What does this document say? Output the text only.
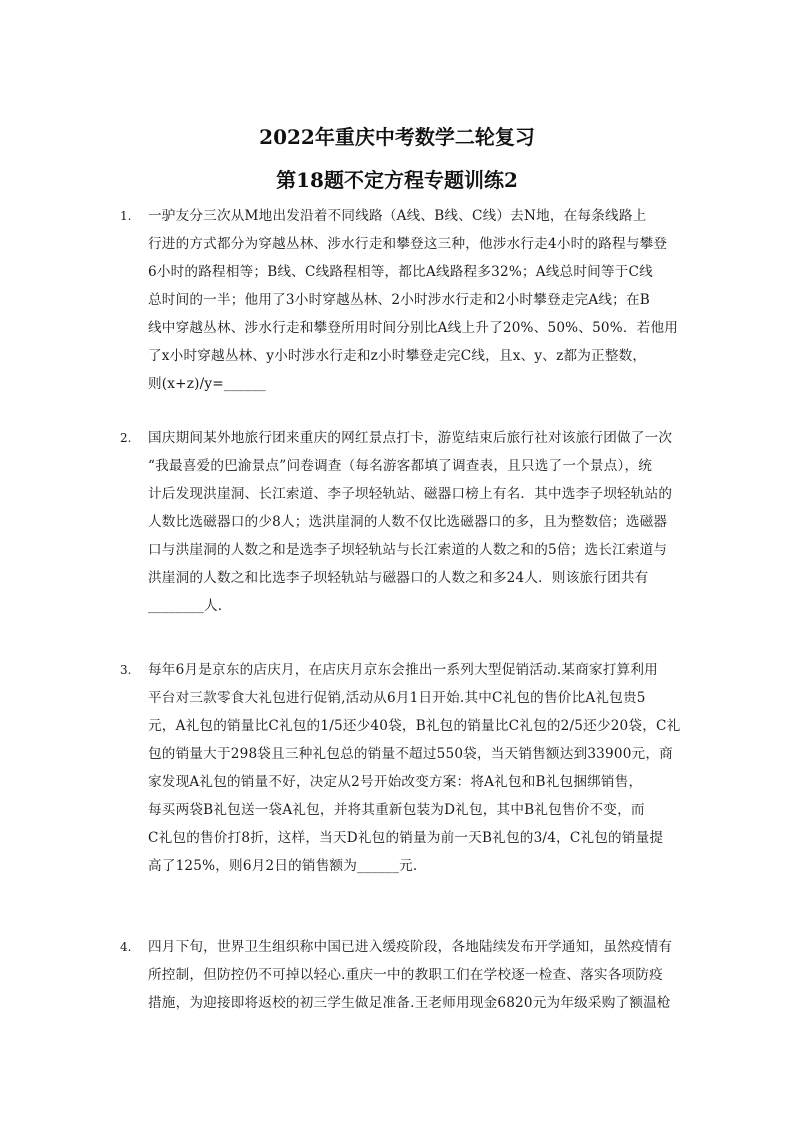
2022年重庆中考数学二轮复习
第18题不定方程专题训练2
1. 一驴友分三次从M地出发沿着不同线路（A线、B线、C线）去N地，在每条线路上
行进的方式都分为穿越丛林、涉水行走和攀登这三种，他涉水行走4小时的路程与攀登
6小时的路程相等；B线、C线路程相等，都比A线路程多32%；A线总时间等于C线
总时间的一半；他用了3小时穿越丛林、2小时涉水行走和2小时攀登走完A线；在B
线中穿越丛林、涉水行走和攀登所用时间分别比A线上升了20%、50%、50%．若他用
了x小时穿越丛林、y小时涉水行走和z小时攀登走完C线，且x、y、z都为正整数，
则(x+z)/y=______
2. 国庆期间某外地旅行团来重庆的网红景点打卡，游览结束后旅行社对该旅行团做了一次
“我最喜爱的巴渝景点”问卷调查（每名游客都填了调查表，且只选了一个景点），统
计后发现洪崖洞、长江索道、李子坝轻轨站、磁器口榜上有名．其中选李子坝轻轨站的
人数比选磁器口的少8人；选洪崖洞的人数不仅比选磁器口的多，且为整数倍；选磁器
口与洪崖洞的人数之和是选李子坝轻轨站与长江索道的人数之和的5倍；选长江索道与
洪崖洞的人数之和比选李子坝轻轨站与磁器口的人数之和多24人．则该旅行团共有
________人．
3. 每年6月是京东的店庆月，在店庆月京东会推出一系列大型促销活动.某商家打算利用
平台对三款零食大礼包进行促销,活动从6月1日开始.其中C礼包的售价比A礼包贵5
元，A礼包的销量比C礼包的1/5还少40袋，B礼包的销量比C礼包的2/5还少20袋，C礼
包的销量大于298袋且三种礼包总的销量不超过550袋，当天销售额达到33900元，商
家发现A礼包的销量不好，决定从2号开始改变方案：将A礼包和B礼包捆绑销售，
每买两袋B礼包送一袋A礼包，并将其重新包装为D礼包，其中B礼包售价不变，而
C礼包的售价打8折，这样，当天D礼包的销量为前一天B礼包的3/4，C礼包的销量提
高了125%，则6月2日的销售额为______元.
4. 四月下旬，世界卫生组织称中国已进入缓疫阶段，各地陆续发布开学通知，虽然疫情有
所控制，但防控仍不可掉以轻心.重庆一中的教职工们在学校逐一检查、落实各项防疫
措施，为迎接即将返校的初三学生做足准备.王老师用现金6820元为年级采购了额温枪
